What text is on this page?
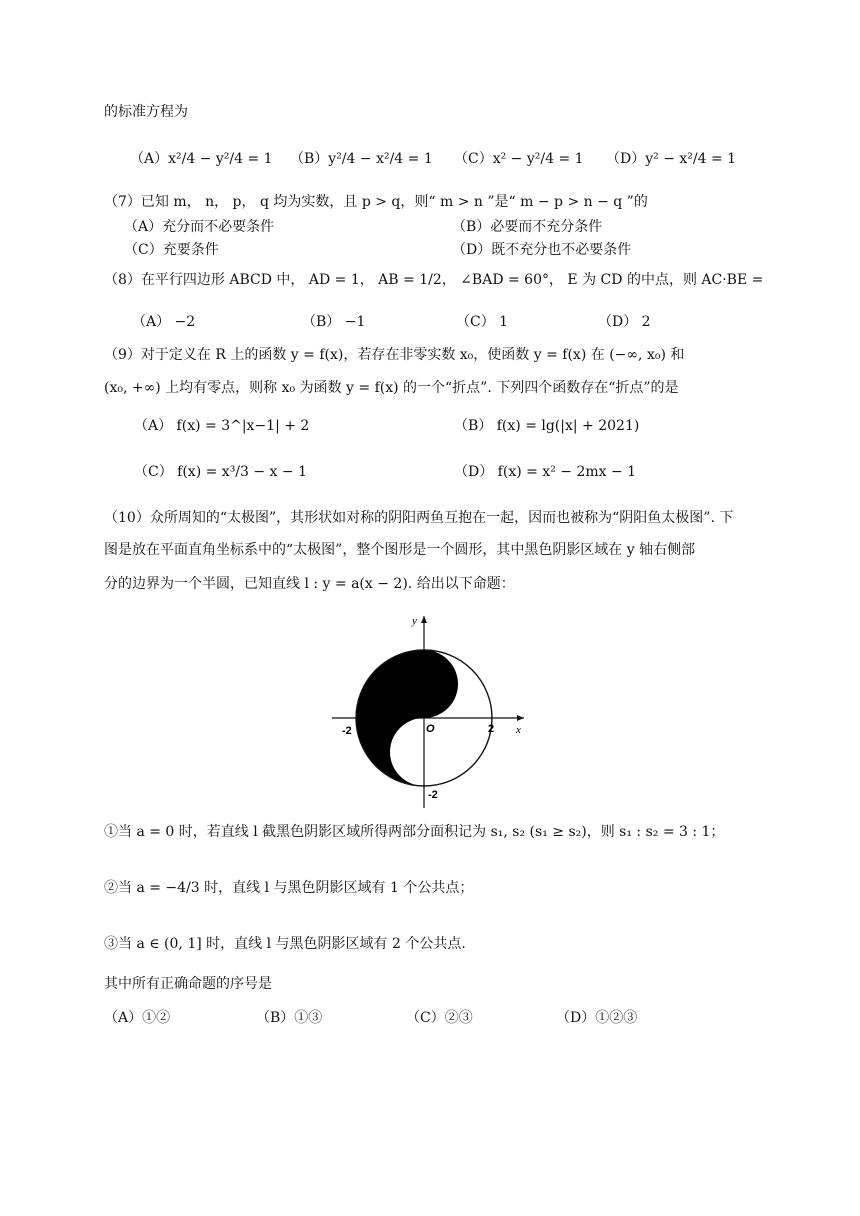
的标准方程为
（A）x²/4 − y²/4 = 1 （B）y²/4 − x²/4 = 1 （C）x² − y²/4 = 1 （D）y² − x²/4 = 1
（7）已知 m， n， p， q 均为实数，且 p > q，则“ m > n ”是“ m − p > n − q ”的
（A）充分而不必要条件	（B）必要而不充分条件
（C）充要条件	（D）既不充分也不必要条件
（8）在平行四边形 ABCD 中， AD = 1， AB = 1/2， ∠BAD = 60°， E 为 CD 的中点，则 AC·BE =
（A） −2	（B） −1	（C） 1	（D） 2
（9）对于定义在 R 上的函数 y = f(x)，若存在非零实数 x₀，使函数 y = f(x) 在 (−∞, x₀) 和
(x₀, +∞) 上均有零点，则称 x₀ 为函数 y = f(x) 的一个“折点”. 下列四个函数存在“折点”的是
（A） f(x) = 3^|x−1| + 2	（B） f(x) = lg(|x| + 2021)
（C） f(x) = x³/3 − x − 1	（D） f(x) = x² − 2mx − 1
（10）众所周知的“太极图”，其形状如对称的阴阳两鱼互抱在一起，因而也被称为“阴阳鱼太极图”. 下
图是放在平面直角坐标系中的“太极图”，整个图形是一个圆形，其中黑色阴影区域在 y 轴右侧部
分的边界为一个半圆，已知直线 l : y = a(x − 2). 给出以下命题：
y
x
O
2
-2
-2	2
①当 a = 0 时，若直线 l 截黑色阴影区域所得两部分面积记为 s₁, s₂ (s₁ ≥ s₂)，则 s₁ : s₂ = 3 : 1；
②当 a = −4/3 时，直线 l 与黑色阴影区域有 1 个公共点；
③当 a ∈ (0, 1] 时，直线 l 与黑色阴影区域有 2 个公共点.
其中所有正确命题的序号是
（A）①②	（B）①③	（C）②③	（D）①②③
